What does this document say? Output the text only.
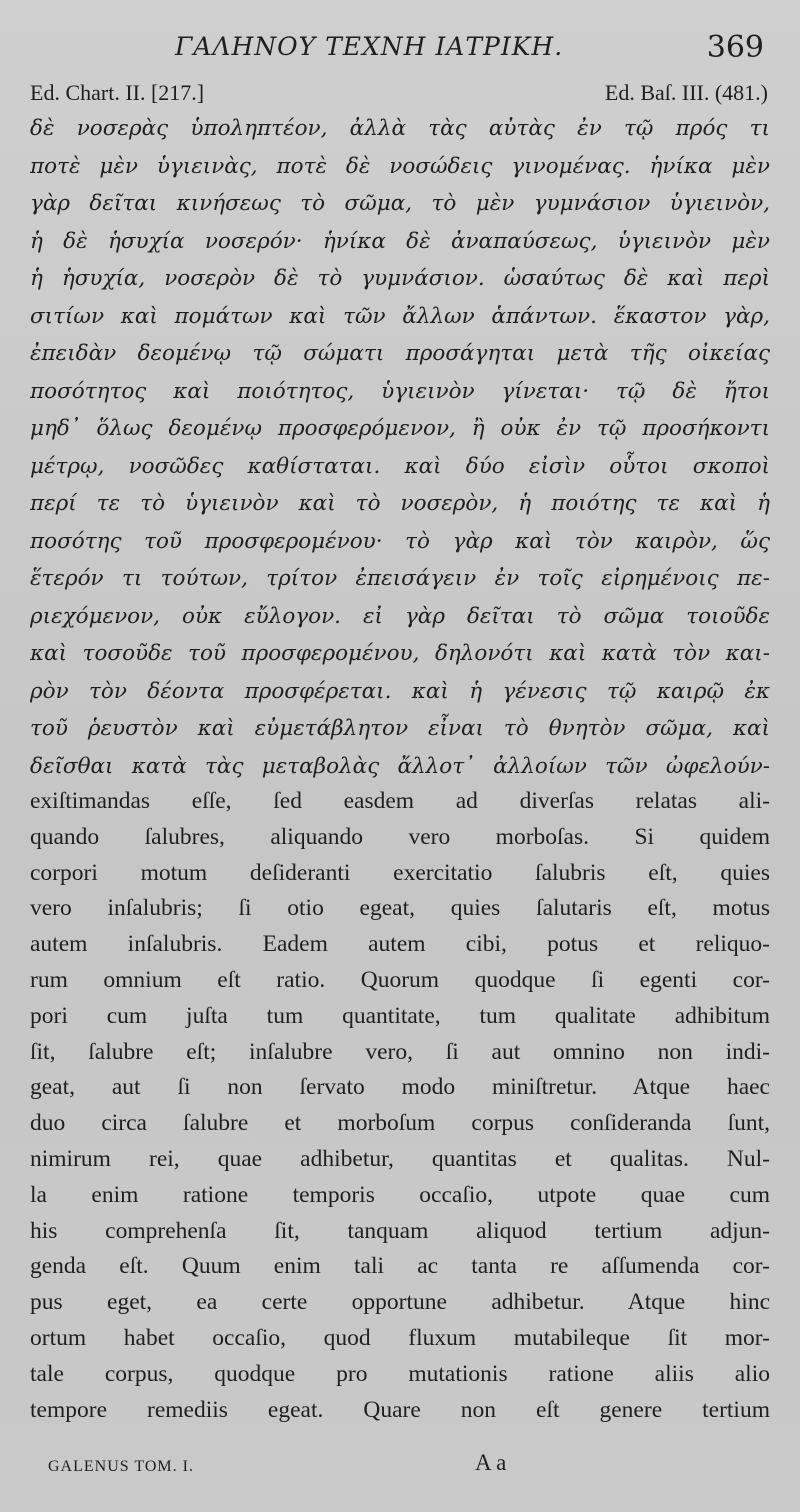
ΓΑΛΗΝΟΥ ΤΕΧΝΗ ΙΑΤΡΙΚΗ.	369
Ed. Chart. II. [217.]	Ed. Baſ. III. (481.)
δὲ νοσερὰς ὑποληπτέον, ἀλλὰ τὰς αὐτὰς ἐν τῷ πρός τι
ποτὲ μὲν ὑγιεινὰς, ποτὲ δὲ νοσώδεις γινομένας. ἡνίκα μὲν
γὰρ δεῖται κινήσεως τὸ σῶμα, τὸ μὲν γυμνάσιον ὑγιεινὸν,
ἡ δὲ ἡσυχία νοσερόν· ἡνίκα δὲ ἀναπαύσεως, ὑγιεινὸν μὲν
ἡ ἡσυχία, νοσερὸν δὲ τὸ γυμνάσιον. ὡσαύτως δὲ καὶ περὶ
σιτίων καὶ πομάτων καὶ τῶν ἄλλων ἁπάντων. ἕκαστον γὰρ,
ἐπειδὰν δεομένῳ τῷ σώματι προσάγηται μετὰ τῆς οἰκείας
ποσότητος καὶ ποιότητος, ὑγιεινὸν γίνεται· τῷ δὲ ἤτοι
μηδ᾽ ὅλως δεομένῳ προσφερόμενον, ἢ οὐκ ἐν τῷ προσήκοντι
μέτρῳ, νοσῶδες καθίσταται. καὶ δύο εἰσὶν οὗτοι σκοποὶ
περί τε τὸ ὑγιεινὸν καὶ τὸ νοσερὸν, ἡ ποιότης τε καὶ ἡ
ποσότης τοῦ προσφερομένου· τὸ γὰρ καὶ τὸν καιρὸν, ὥς
ἕτερόν τι τούτων, τρίτον ἐπεισάγειν ἐν τοῖς εἰρημένοις πε-
ριεχόμενον, οὐκ εὔλογον. εἰ γὰρ δεῖται τὸ σῶμα τοιοῦδε
καὶ τοσοῦδε τοῦ προσφερομένου, δηλονότι καὶ κατὰ τὸν και-
ρὸν τὸν δέοντα προσφέρεται. καὶ ἡ γένεσις τῷ καιρῷ ἐκ
τοῦ ῥευστὸν καὶ εὐμετάβλητον εἶναι τὸ θνητὸν σῶμα, καὶ
δεῖσθαι κατὰ τὰς μεταβολὰς ἄλλοτ᾽ ἀλλοίων τῶν ὠφελούν-
exiſtimandas eſſe, ſed easdem ad diverſas relatas ali-
quando ſalubres, aliquando vero morboſas. Si quidem
corpori motum deſideranti exercitatio ſalubris eſt, quies
vero inſalubris; ſi otio egeat, quies ſalutaris eſt, motus
autem inſalubris. Eadem autem cibi, potus et reliquo-
rum omnium eſt ratio. Quorum quodque ſi egenti cor-
pori cum juſta tum quantitate, tum qualitate adhibitum
ſit, ſalubre eſt; inſalubre vero, ſi aut omnino non indi-
geat, aut ſi non ſervato modo miniſtretur. Atque haec
duo circa ſalubre et morboſum corpus conſideranda ſunt,
nimirum rei, quae adhibetur, quantitas et qualitas. Nul-
la enim ratione temporis occaſio, utpote quae cum
his comprehenſa ſit, tanquam aliquod tertium adjun-
genda eſt. Quum enim tali ac tanta re aſſumenda cor-
pus eget, ea certe opportune adhibetur. Atque hinc
ortum habet occaſio, quod fluxum mutabileque ſit mor-
tale corpus, quodque pro mutationis ratione aliis alio
tempore remediis egeat. Quare non eſt genere tertium
GALENUS TOM. I.	A a
